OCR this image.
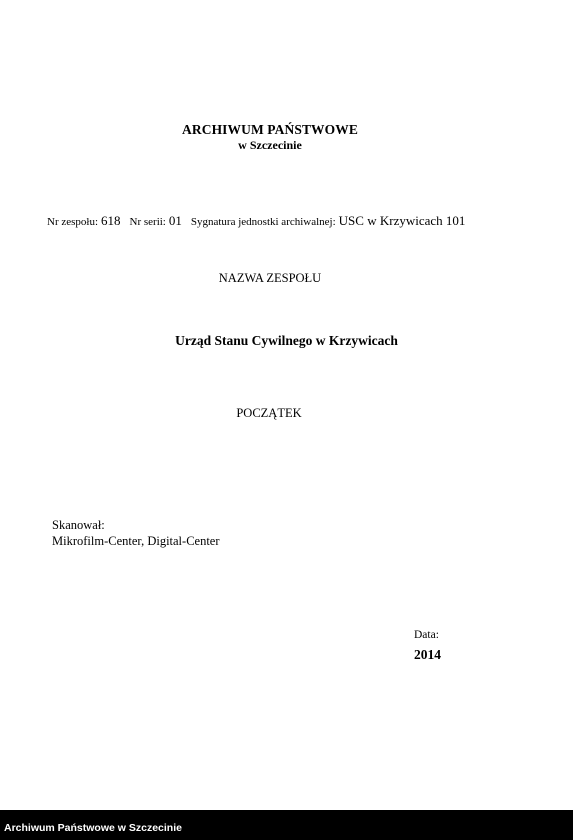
ARCHIWUM PAŃSTWOWE
w Szczecinie
Nr zespołu: 618 Nr serii: 01 Sygnatura jednostki archiwalnej: USC w Krzywicach 101
NAZWA ZESPOŁU
Urząd Stanu Cywilnego w Krzywicach
POCZĄTEK
Skanował:
Mikrofilm-Center, Digital-Center
Data:
2014
Archiwum Państwowe w Szczecinie
